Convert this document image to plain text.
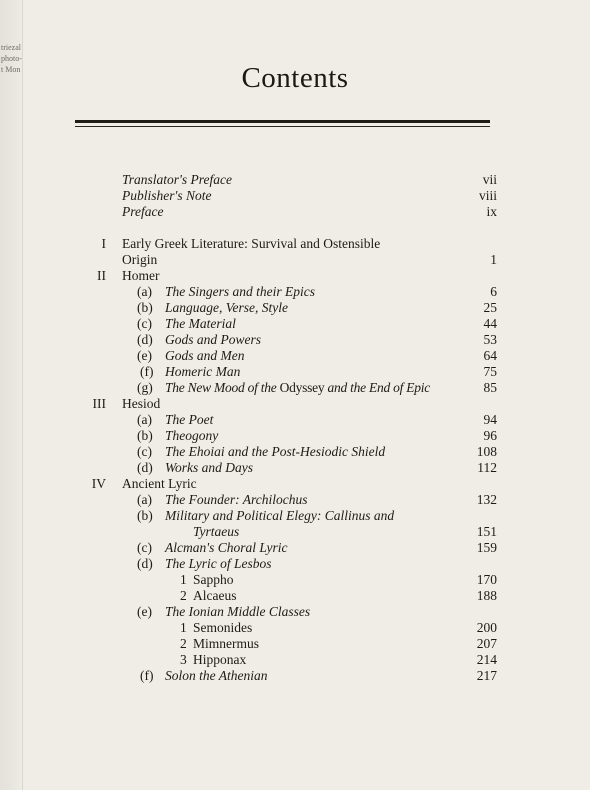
triezal
photo-
t Mon	Contents
Translator's Preface	vii
Publisher's Note	viii
Preface	ix
I Early Greek Literature: Survival and Ostensible
Origin	1
II Homer
(a) The Singers and their Epics	6
(b) Language, Verse, Style	25
(c) The Material	44
(d) Gods and Powers	53
(e) Gods and Men	64
(f) Homeric Man	75
(g) The New Mood of the Odyssey and the End of Epic	85
III Hesiod
(a) The Poet	94
(b) Theogony	96
(c) The Ehoiai and the Post-Hesiodic Shield	108
(d) Works and Days	112
IV Ancient Lyric
(a) The Founder: Archilochus	132
(b) Military and Political Elegy: Callinus and
Tyrtaeus	151
(c) Alcman's Choral Lyric	159
(d) The Lyric of Lesbos
1 Sappho	170
2 Alcaeus	188
(e) The Ionian Middle Classes
1 Semonides	200
2 Mimnermus	207
3 Hipponax	214
(f) Solon the Athenian	217
